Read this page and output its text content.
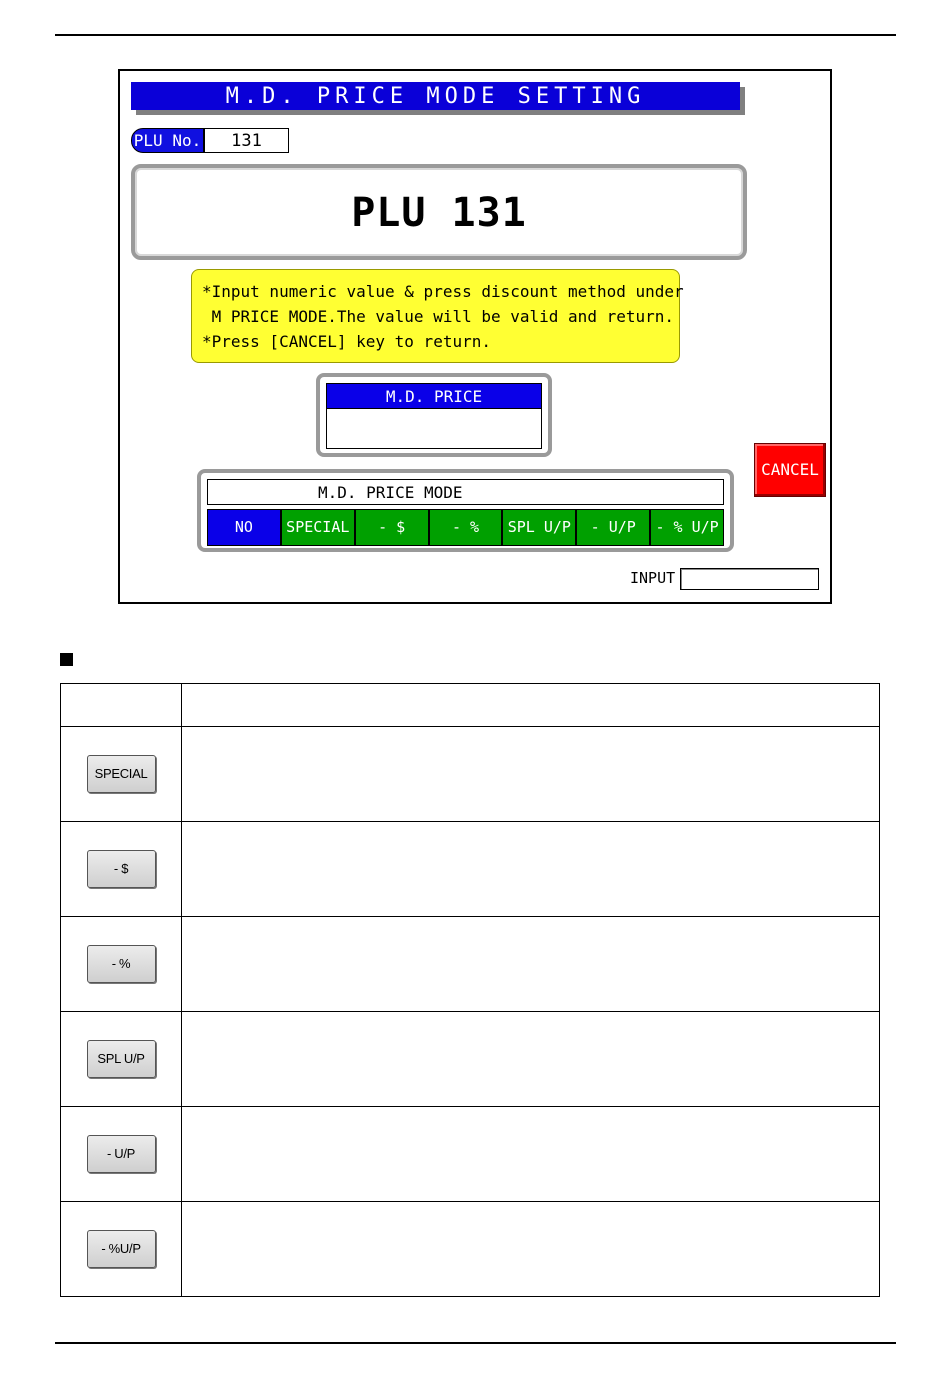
M.D. PRICE MODE SETTING
PLU No.	131
PLU 131
*Input numeric value & press discount method under
M PRICE MODE.The value will be valid and return.
*Press [CANCEL] key to return.
M.D. PRICE
CANCEL
M.D. PRICE MODE
NO	SPECIAL	- $	- %	SPL U/P	- U/P	- % U/P
INPUT

SPECIAL	

- $	

- %	

SPL U/P	

- U/P	

- %U/P	
